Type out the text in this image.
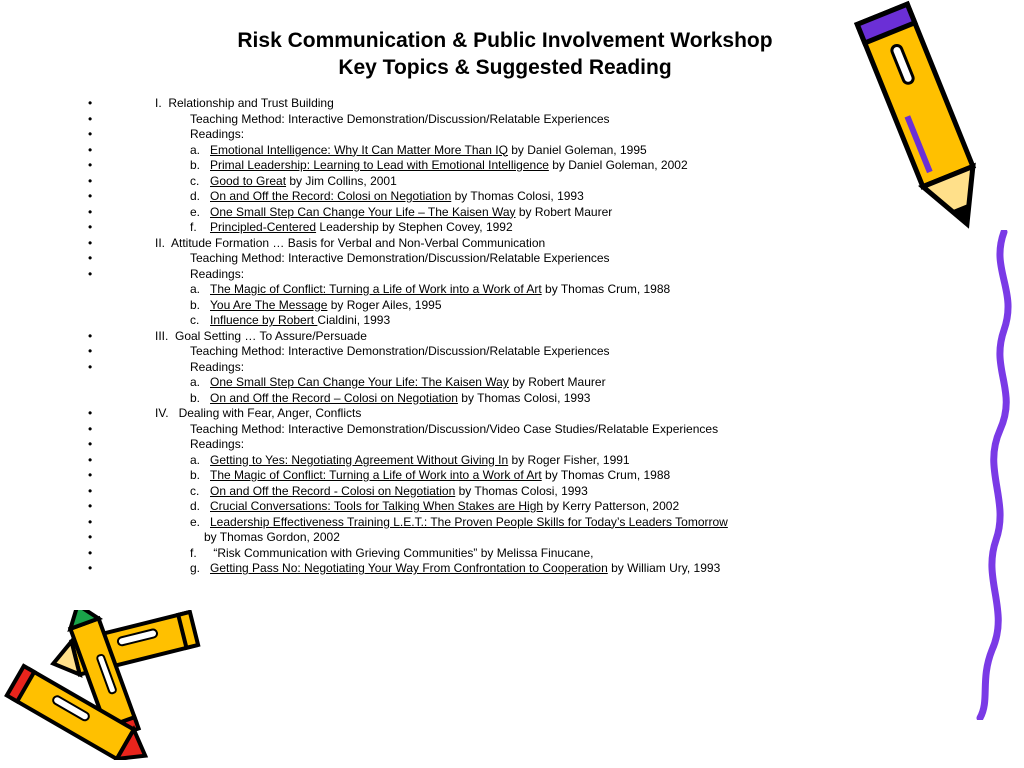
Risk Communication & Public Involvement Workshop
Key Topics & Suggested Reading
•	I.  Relationship and Trust Building
•	Teaching Method: Interactive Demonstration/Discussion/Relatable Experiences
•	Readings:
•	a. Emotional Intelligence: Why It Can Matter More Than IQ by Daniel Goleman, 1995
•	b. Primal Leadership: Learning to Lead with Emotional Intelligence by Daniel Goleman, 2002
•	c. Good to Great by Jim Collins, 2001
•	d. On and Off the Record: Colosi on Negotiation by Thomas Colosi, 1993
•	e. One Small Step Can Change Your Life – The Kaisen Way by Robert Maurer
•	f. Principled-Centered Leadership by Stephen Covey, 1992
•	II.  Attitude Formation … Basis for Verbal and Non-Verbal Communication
•	Teaching Method: Interactive Demonstration/Discussion/Relatable Experiences
•	Readings:
a. The Magic of Conflict: Turning a Life of Work into a Work of Art by Thomas Crum, 1988
b. You Are The Message by Roger Ailes, 1995
c. Influence by Robert Cialdini, 1993
•	III.  Goal Setting … To Assure/Persuade
•	Teaching Method: Interactive Demonstration/Discussion/Relatable Experiences
•	Readings:
a. One Small Step Can Change Your Life: The Kaisen Way by Robert Maurer
b. On and Off the Record – Colosi on Negotiation by Thomas Colosi, 1993
•	IV.   Dealing with Fear, Anger, Conflicts
•	Teaching Method: Interactive Demonstration/Discussion/Video Case Studies/Relatable Experiences
•	Readings:
•	a. Getting to Yes: Negotiating Agreement Without Giving In by Roger Fisher, 1991
•	b. The Magic of Conflict: Turning a Life of Work into a Work of Art by Thomas Crum, 1988
•	c. On and Off the Record - Colosi on Negotiation by Thomas Colosi, 1993
•	d. Crucial Conversations: Tools for Talking When Stakes are High by Kerry Patterson, 2002
•	e. Leadership Effectiveness Training L.E.T.: The Proven People Skills for Today’s Leaders Tomorrow
•	by Thomas Gordon, 2002
•	f. “Risk Communication with Grieving Communities” by Melissa Finucane,
•	g. Getting Pass No: Negotiating Your Way From Confrontation to Cooperation by William Ury, 1993
